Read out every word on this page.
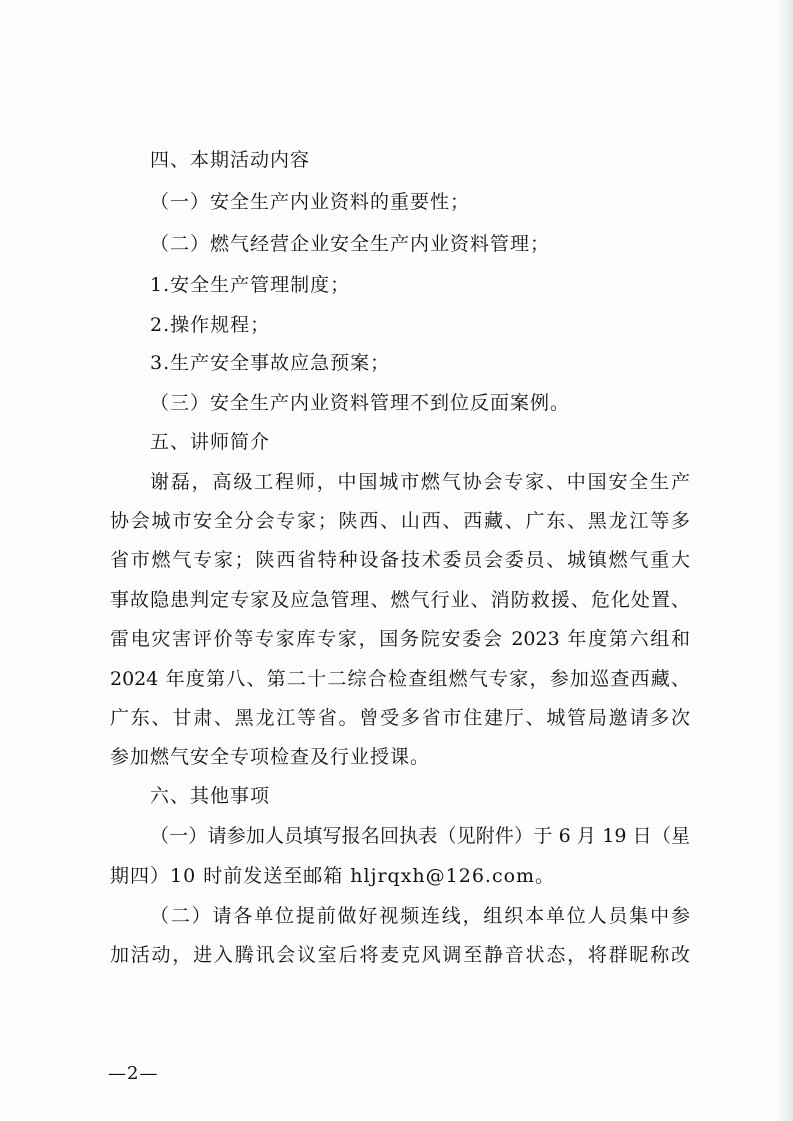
四、本期活动内容
（一）安全生产内业资料的重要性；
（二）燃气经营企业安全生产内业资料管理；
1.安全生产管理制度；
2.操作规程；
3.生产安全事故应急预案；
（三）安全生产内业资料管理不到位反面案例。
五、讲师简介
谢磊，高级工程师，中国城市燃气协会专家、中国安全生产
协会城市安全分会专家；陕西、山西、西藏、广东、黑龙江等多
省市燃气专家；陕西省特种设备技术委员会委员、城镇燃气重大
事故隐患判定专家及应急管理、燃气行业、消防救援、危化处置、
雷电灾害评价等专家库专家，国务院安委会 2023 年度第六组和
2024 年度第八、第二十二综合检查组燃气专家，参加巡查西藏、
广东、甘肃、黑龙江等省。曾受多省市住建厅、城管局邀请多次
参加燃气安全专项检查及行业授课。
六、其他事项
（一）请参加人员填写报名回执表（见附件）于 6 月 19 日（星
期四）10 时前发送至邮箱 hljrqxh@126.com。
（二）请各单位提前做好视频连线，组织本单位人员集中参
加活动，进入腾讯会议室后将麦克风调至静音状态，将群昵称改
—2—
